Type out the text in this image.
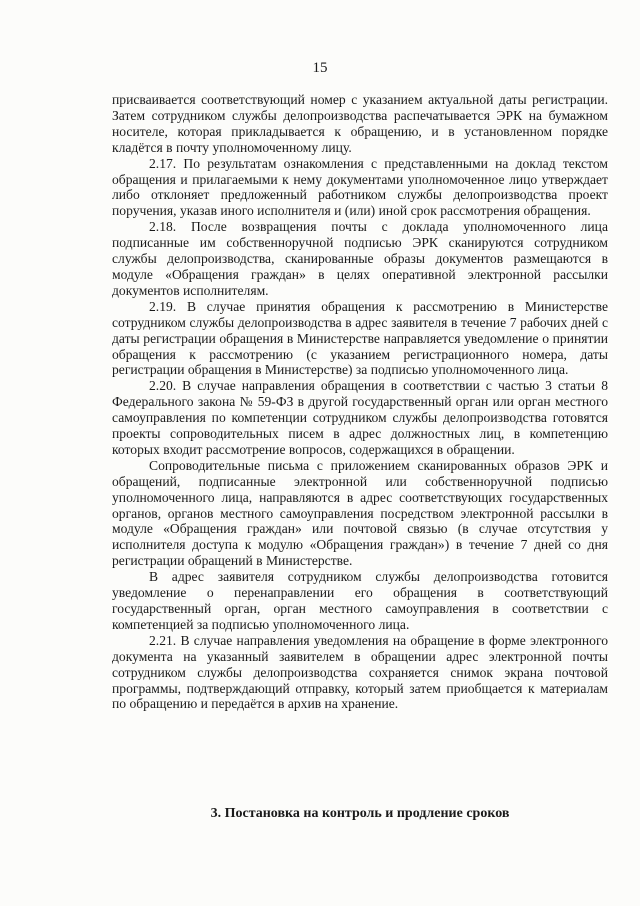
15

присваивается соответствующий номер с указанием актуальной даты регистрации. Затем сотрудником службы делопроизводства распечатывается ЭРК на бумажном носителе, которая прикладывается к обращению, и в установленном порядке кладётся в почту уполномоченному лицу.

2.17. По результатам ознакомления с представленными на доклад текстом обращения и прилагаемыми к нему документами уполномоченное лицо утверждает либо отклоняет предложенный работником службы делопроизводства проект поручения, указав иного исполнителя и (или) иной срок рассмотрения обращения.

2.18. После возвращения почты с доклада уполномоченного лица подписанные им собственноручной подписью ЭРК сканируются сотрудником службы делопроизводства, сканированные образы документов размещаются в модуле «Обращения граждан» в целях оперативной электронной рассылки документов исполнителям.

2.19. В случае принятия обращения к рассмотрению в Министерстве сотрудником службы делопроизводства в адрес заявителя в течение 7 рабочих дней с даты регистрации обращения в Министерстве направляется уведомление о принятии обращения к рассмотрению (с указанием регистрационного номера, даты регистрации обращения в Министерстве) за подписью уполномоченного лица.

2.20. В случае направления обращения в соответствии с частью 3 статьи 8 Федерального закона № 59-ФЗ в другой государственный орган или орган местного самоуправления по компетенции сотрудником службы делопроизводства готовятся проекты сопроводительных писем в адрес должностных лиц, в компетенцию которых входит рассмотрение вопросов, содержащихся в обращении.

Сопроводительные письма с приложением сканированных образов ЭРК и обращений, подписанные электронной или собственноручной подписью уполномоченного лица, направляются в адрес соответствующих государственных органов, органов местного самоуправления посредством электронной рассылки в модуле «Обращения граждан» или почтовой связью (в случае отсутствия у исполнителя доступа к модулю «Обращения граждан») в течение 7 дней со дня регистрации обращений в Министерстве.

В адрес заявителя сотрудником службы делопроизводства готовится уведомление о перенаправлении его обращения в соответствующий государственный орган, орган местного самоуправления в соответствии с компетенцией за подписью уполномоченного лица.

2.21. В случае направления уведомления на обращение в форме электронного документа на указанный заявителем в обращении адрес электронной почты сотрудником службы делопроизводства сохраняется снимок экрана почтовой программы, подтверждающий отправку, который затем приобщается к материалам по обращению и передаётся в архив на хранение.

3. Постановка на контроль и продление сроков
